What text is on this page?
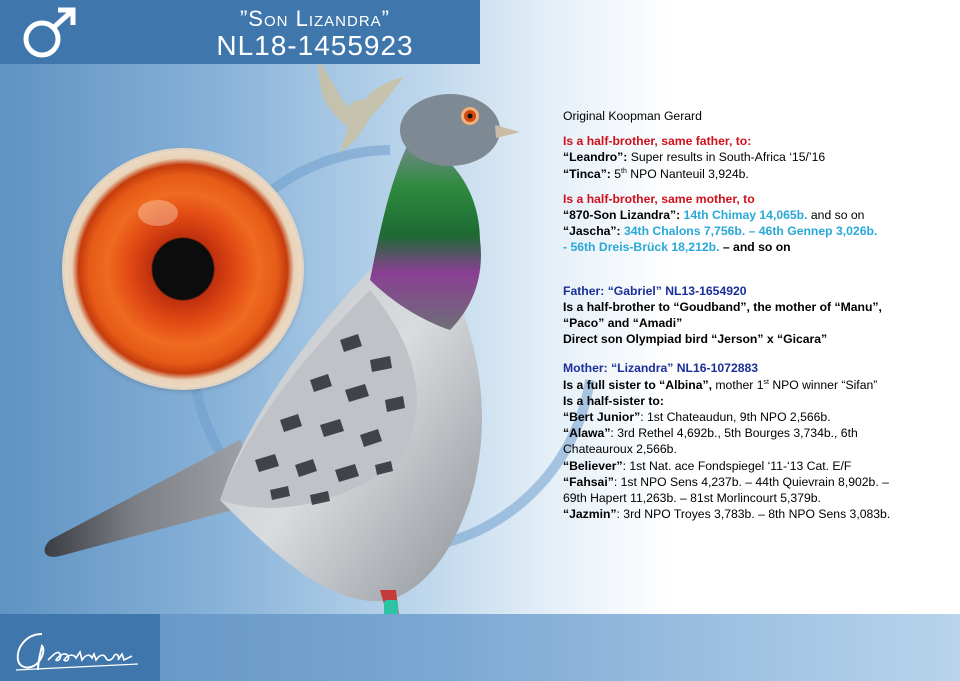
”Son Lizandra”
NL18-1455923

Original Koopman Gerard

Is a half-brother, same father, to:

“Leandro”: Super results in South-Africa ‘15/’16

“Tinca”: 5th NPO Nanteuil 3,924b.

Is a half-brother, same mother, to

“870-Son Lizandra”: 14th Chimay 14,065b. and so on

“Jascha”: 34th Chalons 7,756b. – 46th Gennep 3,026b.

- 56th Dreis-Brück 18,212b. – and so on

Father: “Gabriel” NL13-1654920

Is a half-brother to “Goudband”, the mother of “Manu”,

“Paco” and “Amadi”

Direct son Olympiad bird “Jerson” x “Gicara”

Mother: “Lizandra” NL16-1072883

Is a full sister to “Albina”, mother 1st NPO winner “Sifan”

Is a half-sister to:

“Bert Junior”: 1st Chateaudun, 9th NPO 2,566b.

“Alawa”: 3rd Rethel 4,692b., 5th Bourges 3,734b., 6th

Chateauroux 2,566b.

“Believer”: 1st Nat. ace Fondspiegel ‘11-‘13 Cat. E/F

“Fahsai”: 1st NPO Sens 4,237b. – 44th Quievrain 8,902b. –

69th Hapert 11,263b. – 81st Morlincourt 5,379b.

“Jazmin”: 3rd NPO Troyes 3,783b. – 8th NPO Sens 3,083b.
